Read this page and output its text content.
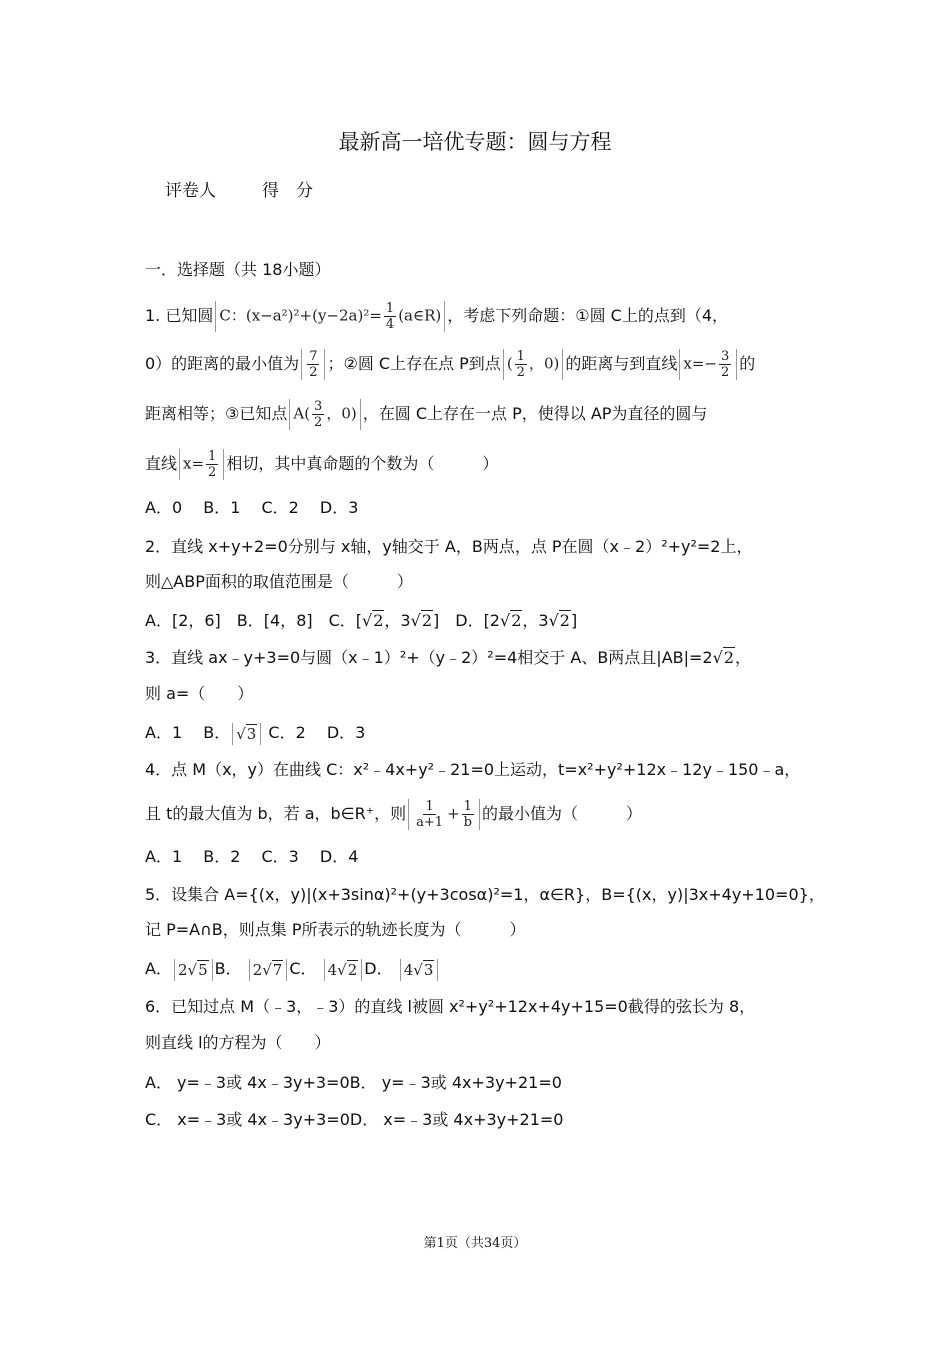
最新高一培优专题：圆与方程
评卷人	得　分
一．选择题（共 18小题）
1. 已知圆 C：$(x-a^2)^2+(y-2a)^2= \frac{1}{4}$ (a∈R) ，考虑下列命题：①圆 C上的点到（4，
0）的距离的最小值为 $\frac{7}{2}$ ；②圆 C上存在点 P到点 ( $\frac{1}{2}$ ，0) 的距离与到直线 $x=- \frac{3}{2}$ 的
距离相等；③已知点 $A( \frac{3}{2}$ ，0) ，在圆 C上存在一点 P，使得以 AP为直径的圆与
直线 $x= \frac{1}{2}$ 相切，其中真命题的个数为（　　　）
A．0　 B．1　 C．2　 D．3
2．直线 x+y+2=0分别与 x轴，y轴交于 A，B两点，点 P在圆（x﹣2）²+y²=2上，
则△ABP面积的取值范围是（　　　）
A．[2，6]　B．[4，8]　C．[√2，3√2]　D．[2√2，3√2]
3．直线 ax﹣y+3=0与圆（x﹣1）²+（y﹣2）²=4相交于 A、B两点且|AB|=2√2，
则 a=（　　）
A．1　 B． √3 C．2　 D．3
4．点 M（x，y）在曲线 C：x²﹣4x+y²﹣21=0上运动，t=x²+y²+12x﹣12y﹣150﹣a，
且 t的最大值为 b，若 a，b∈R⁺，则 $\frac{1}{a+1} + \frac{1}{b}$ 的最小值为（　　　）
A．1　 B．2　 C．3　 D．4
5．设集合 A={(x，y)|(x+3sinα)²+(y+3cosα)²=1，α∈R}，B={(x，y)|3x+4y+10=0}，
记 P=A∩B，则点集 P所表示的轨迹长度为（　　　）
A． 2√5 B． 2√7 C． 4√2 D． 4√3
6．已知过点 M（﹣3，﹣3）的直线 l被圆 x²+y²+12x+4y+15=0截得的弦长为 8，
则直线 l的方程为（　　）
A． y=﹣3或 4x﹣3y+3=0B． y=﹣3或 4x+3y+21=0
C． x=﹣3或 4x﹣3y+3=0D． x=﹣3或 4x+3y+21=0
第1页（共34页）
